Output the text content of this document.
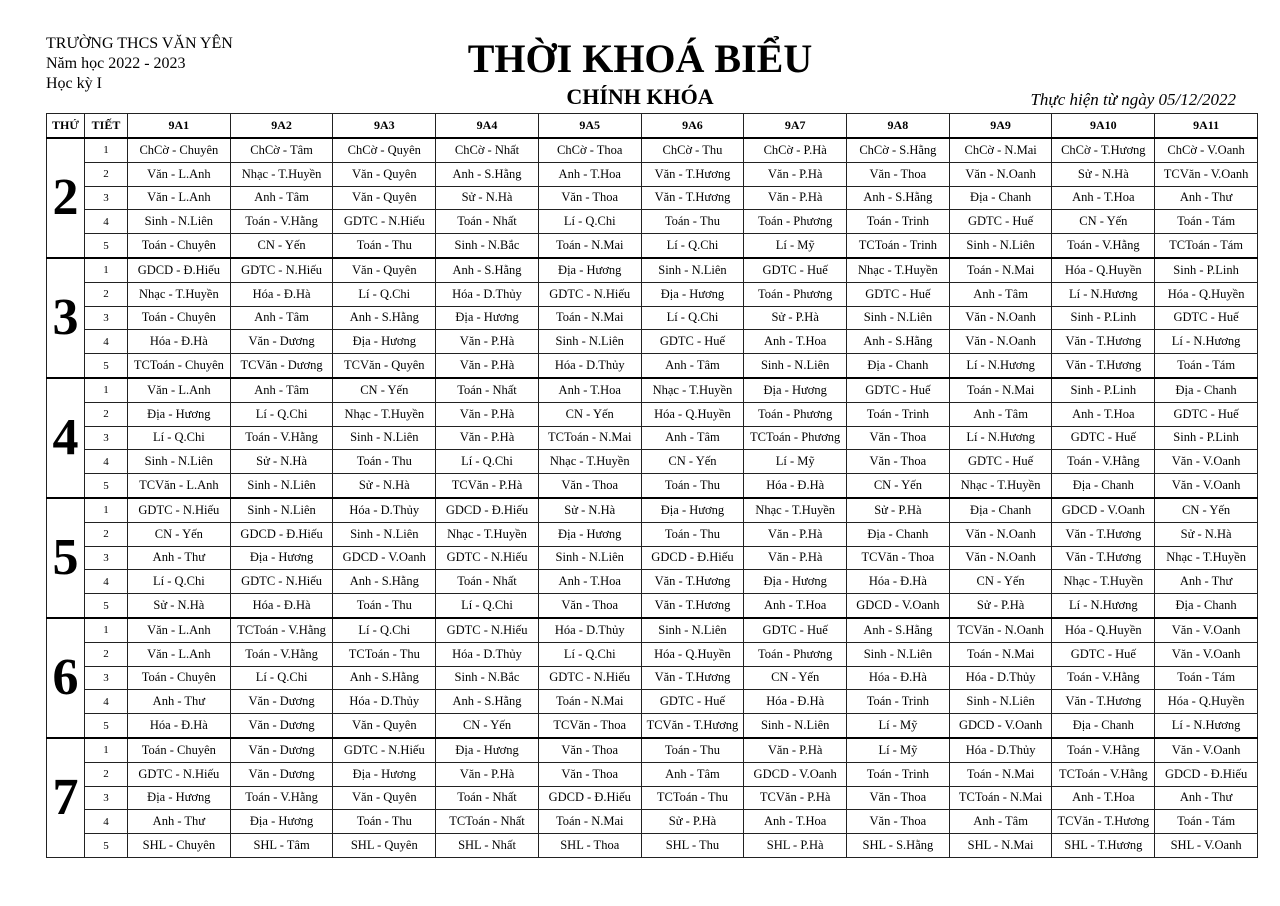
TRƯỜNG THCS VĂN YÊN
Năm học 2022 - 2023
Học kỳ I
THỜI KHOÁ BIỂU
CHÍNH KHÓA	Thực hiện từ ngày 05/12/2022
THỨ	TIẾT	9A1	9A2	9A3	9A4	9A5	9A6	9A7	9A8	9A9	9A10	9A11
2	1	ChCờ - Chuyên	ChCờ - Tâm	ChCờ - Quyên	ChCờ - Nhất	ChCờ - Thoa	ChCờ - Thu	ChCờ - P.Hà	ChCờ - S.Hằng	ChCờ - N.Mai	ChCờ - T.Hương	ChCờ - V.Oanh
	2	Văn - L.Anh	Nhạc - T.Huyền	Văn - Quyên	Anh - S.Hằng	Anh - T.Hoa	Văn - T.Hương	Văn - P.Hà	Văn - Thoa	Văn - N.Oanh	Sử - N.Hà	TCVăn - V.Oanh
	3	Văn - L.Anh	Anh - Tâm	Văn - Quyên	Sử - N.Hà	Văn - Thoa	Văn - T.Hương	Văn - P.Hà	Anh - S.Hằng	Địa - Chanh	Anh - T.Hoa	Anh - Thư
	4	Sinh - N.Liên	Toán - V.Hằng	GDTC - N.Hiếu	Toán - Nhất	Lí - Q.Chi	Toán - Thu	Toán - Phương	Toán - Trinh	GDTC - Huế	CN - Yến	Toán - Tám
	5	Toán - Chuyên	CN - Yến	Toán - Thu	Sinh - N.Bắc	Toán - N.Mai	Lí - Q.Chi	Lí - Mỹ	TCToán - Trinh	Sinh - N.Liên	Toán - V.Hằng	TCToán - Tám
3	1	GDCD - Đ.Hiếu	GDTC - N.Hiếu	Văn - Quyên	Anh - S.Hằng	Địa - Hương	Sinh - N.Liên	GDTC - Huế	Nhạc - T.Huyền	Toán - N.Mai	Hóa - Q.Huyền	Sinh - P.Linh
	2	Nhạc - T.Huyền	Hóa - Đ.Hà	Lí - Q.Chi	Hóa - D.Thủy	GDTC - N.Hiếu	Địa - Hương	Toán - Phương	GDTC - Huế	Anh - Tâm	Lí - N.Hương	Hóa - Q.Huyền
	3	Toán - Chuyên	Anh - Tâm	Anh - S.Hằng	Địa - Hương	Toán - N.Mai	Lí - Q.Chi	Sử - P.Hà	Sinh - N.Liên	Văn - N.Oanh	Sinh - P.Linh	GDTC - Huế
	4	Hóa - Đ.Hà	Văn - Dương	Địa - Hương	Văn - P.Hà	Sinh - N.Liên	GDTC - Huế	Anh - T.Hoa	Anh - S.Hằng	Văn - N.Oanh	Văn - T.Hương	Lí - N.Hương
	5	TCToán - Chuyên	TCVăn - Dương	TCVăn - Quyên	Văn - P.Hà	Hóa - D.Thủy	Anh - Tâm	Sinh - N.Liên	Địa - Chanh	Lí - N.Hương	Văn - T.Hương	Toán - Tám
4	1	Văn - L.Anh	Anh - Tâm	CN - Yến	Toán - Nhất	Anh - T.Hoa	Nhạc - T.Huyền	Địa - Hương	GDTC - Huế	Toán - N.Mai	Sinh - P.Linh	Địa - Chanh
	2	Địa - Hương	Lí - Q.Chi	Nhạc - T.Huyền	Văn - P.Hà	CN - Yến	Hóa - Q.Huyền	Toán - Phương	Toán - Trinh	Anh - Tâm	Anh - T.Hoa	GDTC - Huế
	3	Lí - Q.Chi	Toán - V.Hằng	Sinh - N.Liên	Văn - P.Hà	TCToán - N.Mai	Anh - Tâm	TCToán - Phương	Văn - Thoa	Lí - N.Hương	GDTC - Huế	Sinh - P.Linh
	4	Sinh - N.Liên	Sử - N.Hà	Toán - Thu	Lí - Q.Chi	Nhạc - T.Huyền	CN - Yến	Lí - Mỹ	Văn - Thoa	GDTC - Huế	Toán - V.Hằng	Văn - V.Oanh
	5	TCVăn - L.Anh	Sinh - N.Liên	Sử - N.Hà	TCVăn - P.Hà	Văn - Thoa	Toán - Thu	Hóa - Đ.Hà	CN - Yến	Nhạc - T.Huyền	Địa - Chanh	Văn - V.Oanh
5	1	GDTC - N.Hiếu	Sinh - N.Liên	Hóa - D.Thủy	GDCD - Đ.Hiếu	Sử - N.Hà	Địa - Hương	Nhạc - T.Huyền	Sử - P.Hà	Địa - Chanh	GDCD - V.Oanh	CN - Yến
	2	CN - Yến	GDCD - Đ.Hiếu	Sinh - N.Liên	Nhạc - T.Huyền	Địa - Hương	Toán - Thu	Văn - P.Hà	Địa - Chanh	Văn - N.Oanh	Văn - T.Hương	Sử - N.Hà
	3	Anh - Thư	Địa - Hương	GDCD - V.Oanh	GDTC - N.Hiếu	Sinh - N.Liên	GDCD - Đ.Hiếu	Văn - P.Hà	TCVăn - Thoa	Văn - N.Oanh	Văn - T.Hương	Nhạc - T.Huyền
	4	Lí - Q.Chi	GDTC - N.Hiếu	Anh - S.Hằng	Toán - Nhất	Anh - T.Hoa	Văn - T.Hương	Địa - Hương	Hóa - Đ.Hà	CN - Yến	Nhạc - T.Huyền	Anh - Thư
	5	Sử - N.Hà	Hóa - Đ.Hà	Toán - Thu	Lí - Q.Chi	Văn - Thoa	Văn - T.Hương	Anh - T.Hoa	GDCD - V.Oanh	Sử - P.Hà	Lí - N.Hương	Địa - Chanh
6	1	Văn - L.Anh	TCToán - V.Hằng	Lí - Q.Chi	GDTC - N.Hiếu	Hóa - D.Thủy	Sinh - N.Liên	GDTC - Huế	Anh - S.Hằng	TCVăn - N.Oanh	Hóa - Q.Huyền	Văn - V.Oanh
	2	Văn - L.Anh	Toán - V.Hằng	TCToán - Thu	Hóa - D.Thủy	Lí - Q.Chi	Hóa - Q.Huyền	Toán - Phương	Sinh - N.Liên	Toán - N.Mai	GDTC - Huế	Văn - V.Oanh
	3	Toán - Chuyên	Lí - Q.Chi	Anh - S.Hằng	Sinh - N.Bắc	GDTC - N.Hiếu	Văn - T.Hương	CN - Yến	Hóa - Đ.Hà	Hóa - D.Thủy	Toán - V.Hằng	Toán - Tám
	4	Anh - Thư	Văn - Dương	Hóa - D.Thủy	Anh - S.Hằng	Toán - N.Mai	GDTC - Huế	Hóa - Đ.Hà	Toán - Trinh	Sinh - N.Liên	Văn - T.Hương	Hóa - Q.Huyền
	5	Hóa - Đ.Hà	Văn - Dương	Văn - Quyên	CN - Yến	TCVăn - Thoa	TCVăn - T.Hương	Sinh - N.Liên	Lí - Mỹ	GDCD - V.Oanh	Địa - Chanh	Lí - N.Hương
7	1	Toán - Chuyên	Văn - Dương	GDTC - N.Hiếu	Địa - Hương	Văn - Thoa	Toán - Thu	Văn - P.Hà	Lí - Mỹ	Hóa - D.Thủy	Toán - V.Hằng	Văn - V.Oanh
	2	GDTC - N.Hiếu	Văn - Dương	Địa - Hương	Văn - P.Hà	Văn - Thoa	Anh - Tâm	GDCD - V.Oanh	Toán - Trinh	Toán - N.Mai	TCToán - V.Hằng	GDCD - Đ.Hiếu
	3	Địa - Hương	Toán - V.Hằng	Văn - Quyên	Toán - Nhất	GDCD - Đ.Hiếu	TCToán - Thu	TCVăn - P.Hà	Văn - Thoa	TCToán - N.Mai	Anh - T.Hoa	Anh - Thư
	4	Anh - Thư	Địa - Hương	Toán - Thu	TCToán - Nhất	Toán - N.Mai	Sử - P.Hà	Anh - T.Hoa	Văn - Thoa	Anh - Tâm	TCVăn - T.Hương	Toán - Tám
	5	SHL - Chuyên	SHL - Tâm	SHL - Quyên	SHL - Nhất	SHL - Thoa	SHL - Thu	SHL - P.Hà	SHL - S.Hằng	SHL - N.Mai	SHL - T.Hương	SHL - V.Oanh
